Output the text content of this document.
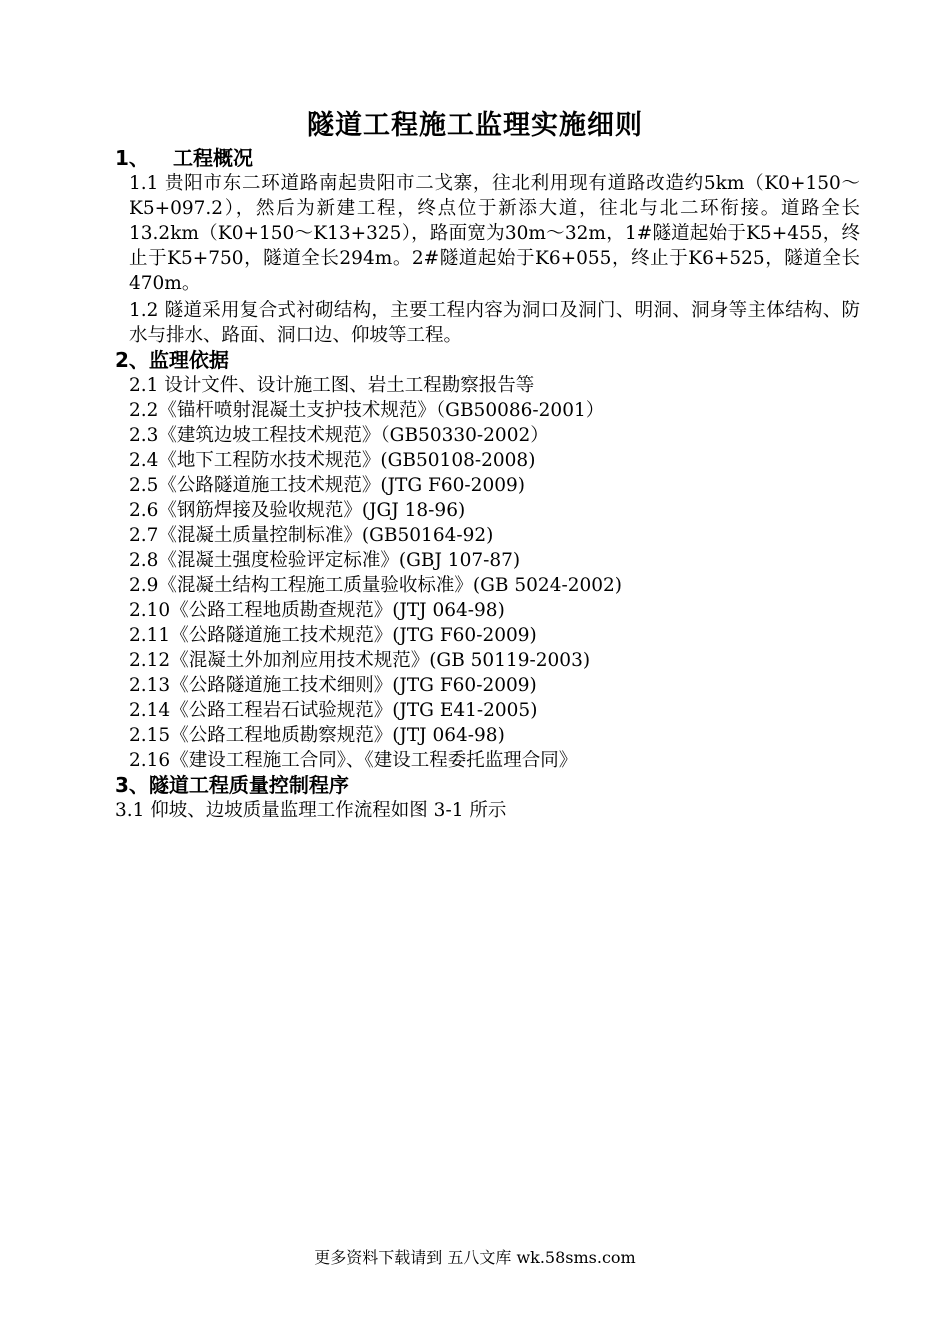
隧道工程施工监理实施细则
1、 工程概况
1.1 贵阳市东二环道路南起贵阳市二戈寨，往北利用现有道路改造约5km（K0+150～K5+097.2），然后为新建工程，终点位于新添大道，往北与北二环衔接。道路全长13.2km（K0+150～K13+325），路面宽为30m～32m，1#隧道起始于K5+455，终止于K5+750，隧道全长294m。2#隧道起始于K6+055，终止于K6+525，隧道全长470m。
1.2 隧道采用复合式衬砌结构，主要工程内容为洞口及洞门、明洞、洞身等主体结构、防水与排水、路面、洞口边、仰坡等工程。
2、监理依据
2.1 设计文件、设计施工图、岩土工程勘察报告等
2.2《锚杆喷射混凝土支护技术规范》（GB50086-2001）
2.3《建筑边坡工程技术规范》（GB50330-2002）
2.4《地下工程防水技术规范》(GB50108-2008)
2.5《公路隧道施工技术规范》(JTG F60-2009)
2.6《钢筋焊接及验收规范》(JGJ 18-96)
2.7《混凝土质量控制标准》(GB50164-92)
2.8《混凝土强度检验评定标准》(GBJ 107-87)
2.9《混凝土结构工程施工质量验收标准》(GB 5024-2002)
2.10《公路工程地质勘查规范》(JTJ 064-98)
2.11《公路隧道施工技术规范》(JTG F60-2009)
2.12《混凝土外加剂应用技术规范》(GB 50119-2003)
2.13《公路隧道施工技术细则》(JTG F60-2009)
2.14《公路工程岩石试验规范》(JTG E41-2005)
2.15《公路工程地质勘察规范》(JTJ 064-98)
2.16《建设工程施工合同》、《建设工程委托监理合同》
3、隧道工程质量控制程序
3.1 仰坡、边坡质量监理工作流程如图 3-1 所示
更多资料下载请到 五八文库 wk.58sms.com
